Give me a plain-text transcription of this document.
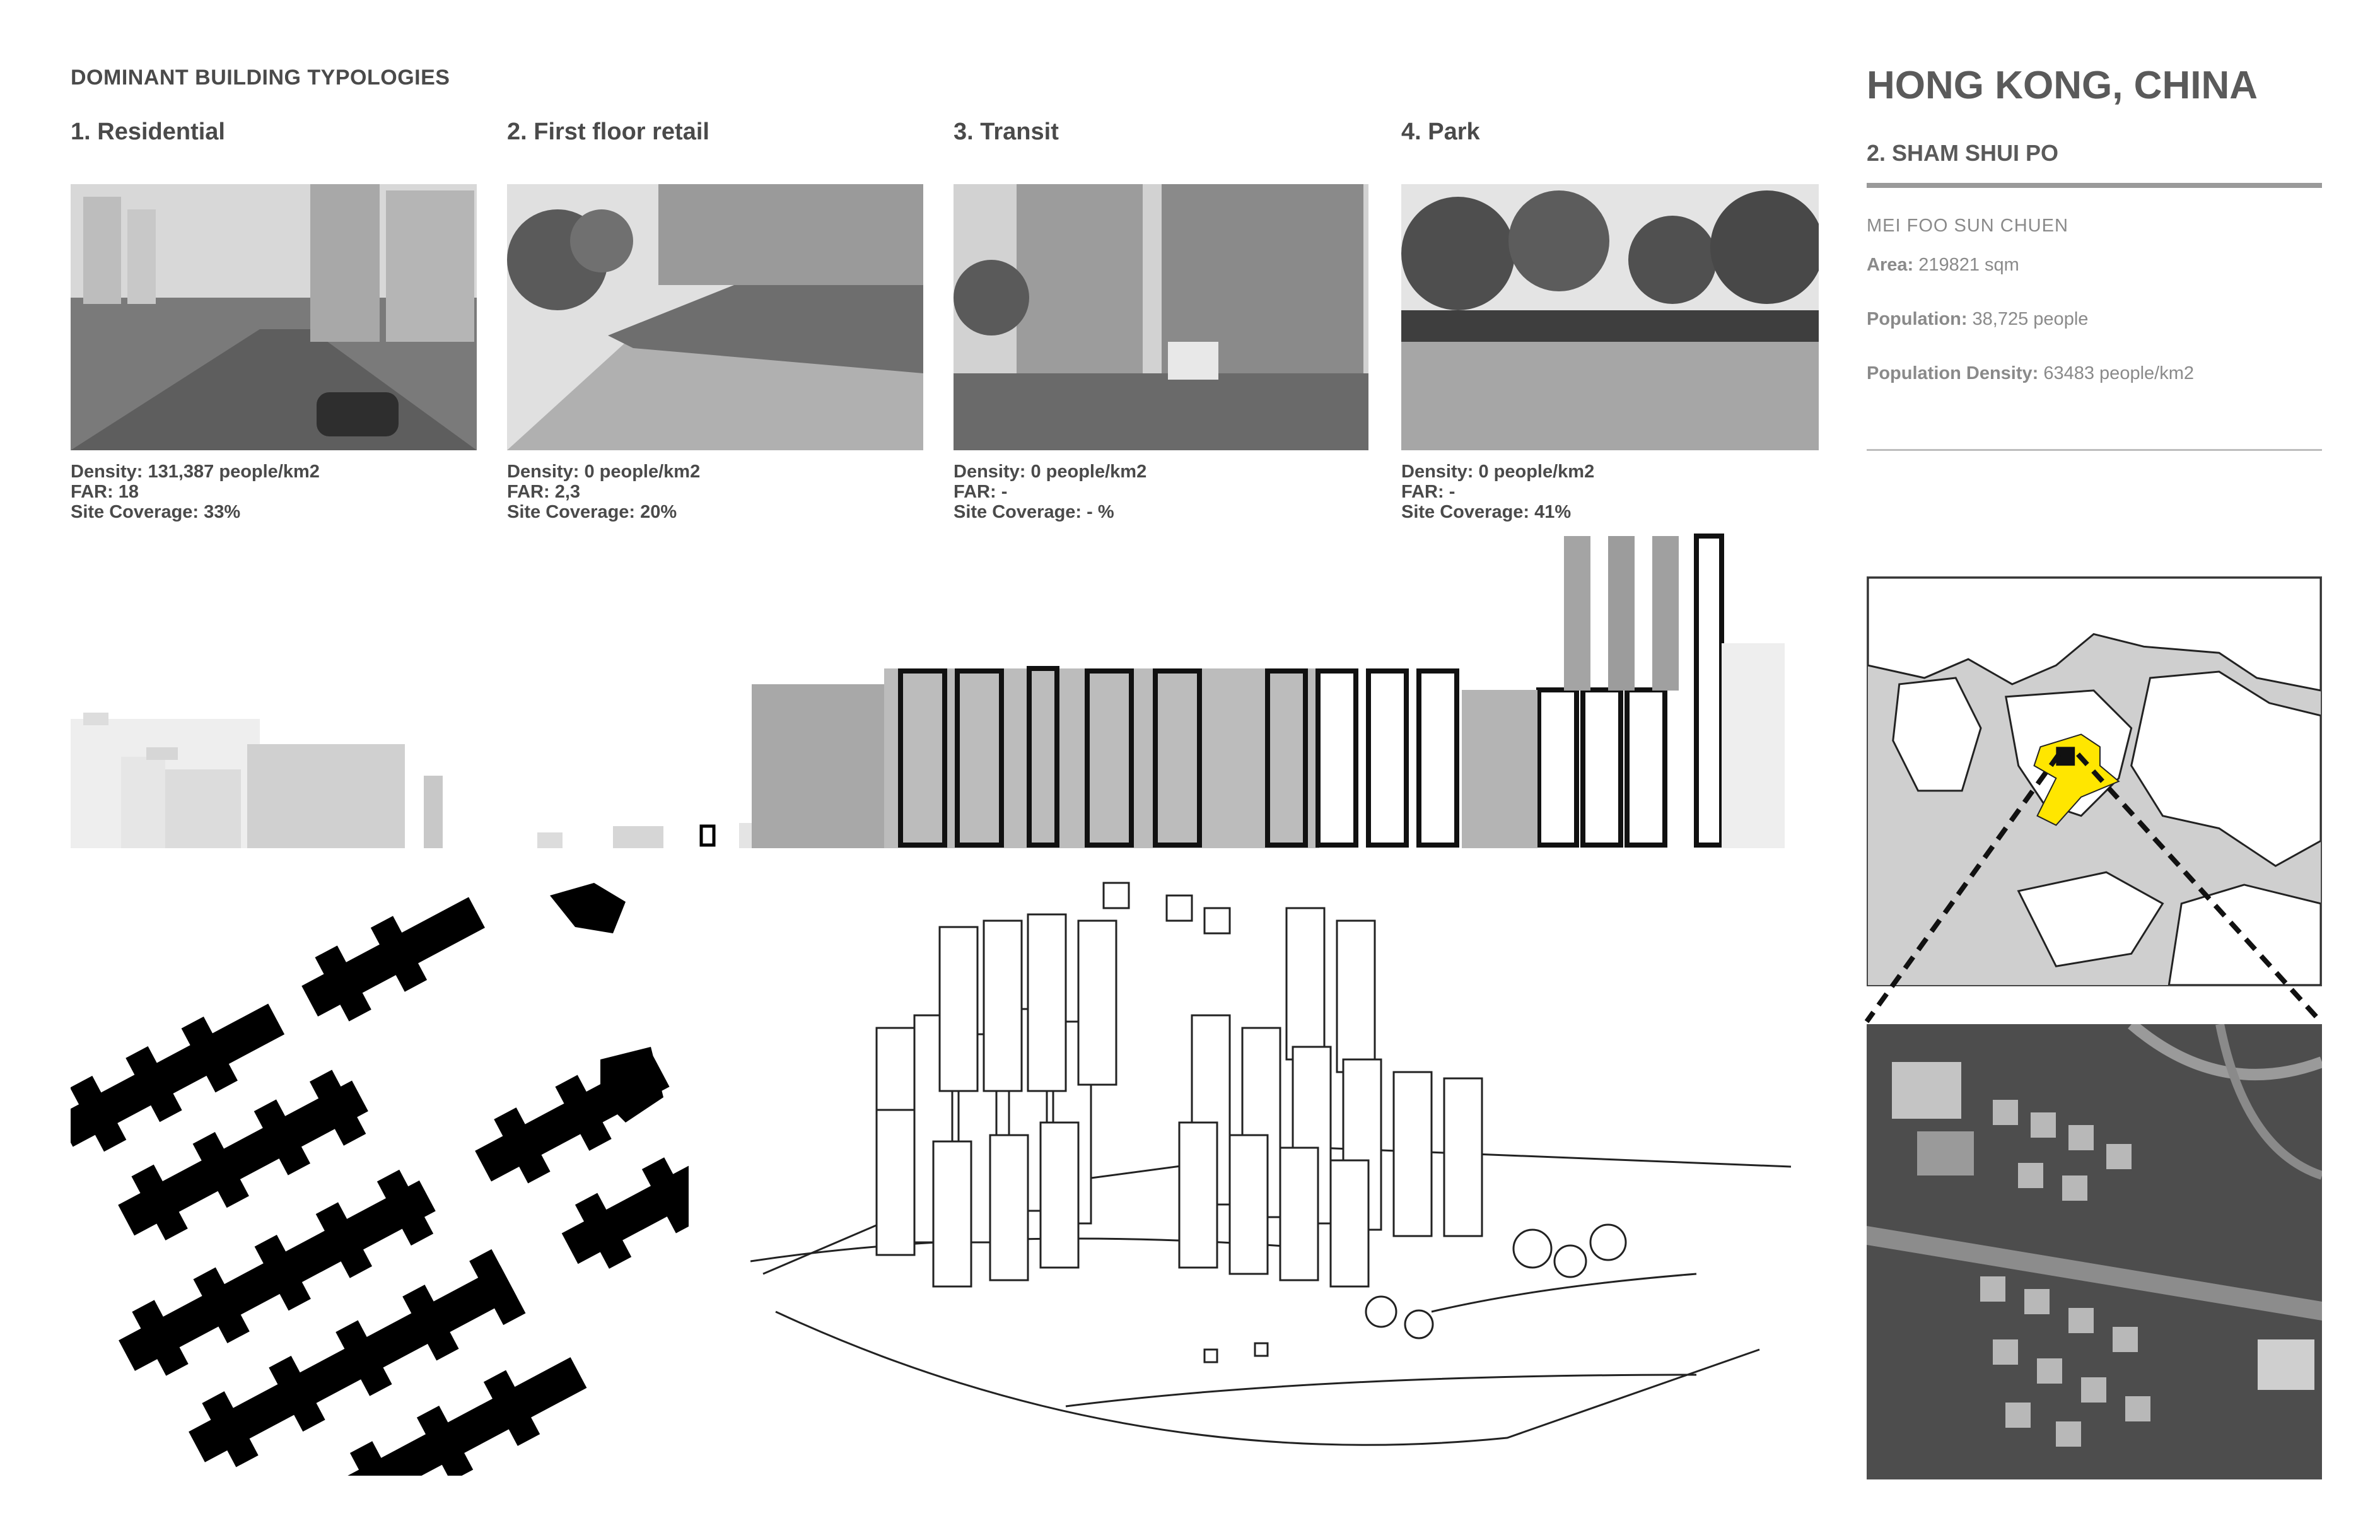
DOMINANT BUILDING TYPOLOGIES
1. Residential
Density: 131,387 people/km2
FAR: 18
Site Coverage: 33%
2. First floor retail
Density: 0 people/km2
FAR: 2,3
Site Coverage: 20%
3. Transit
Density: 0 people/km2
FAR: -
Site Coverage: - %
4. Park
Density: 0 people/km2
FAR: -
Site Coverage: 41%
HONG KONG, CHINA
2. SHAM SHUI PO
MEI FOO SUN CHUEN
Area: 219821 sqm
Population: 38,725 people
Population Density: 63483 people/km2
